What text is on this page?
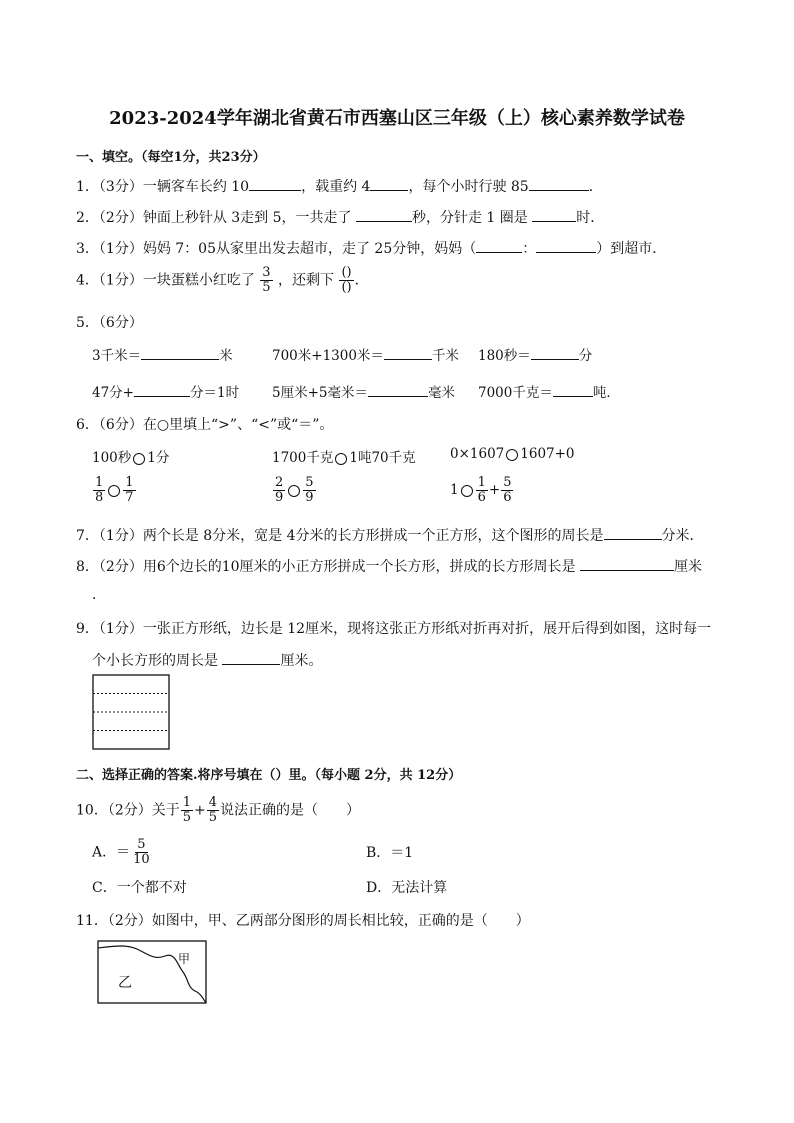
2023-2024学年湖北省黄石市西塞山区三年级（上）核心素养数学试卷
一、填空。（每空1分，共23分）
1．（3分）一辆客车长约 10	，载重约 4	，每个小时行驶 85	．
2．（2分）钟面上秒针从 3走到 5，一共走了	秒，分针走 1 圈是	时．
3．（1分）妈妈 7：05从家里出发去超市，走了 25分钟，妈妈（	：	）到超市．
4．（1分）一块蛋糕小红吃了 $\frac{3}{5}$ ，还剩下 $\frac{()}{()}$ ．
5．（6分）
3千米＝	米	700米+1300米＝	千米 180秒＝	分
47分+	分＝1时 5厘米+5毫米＝	毫米 7000千克＝	吨．
6．（6分）在○里填上“>”、“<”或“＝”。
100秒 1分	1700千克 1吨70千克	0×1607 1607+0
$\frac{1}{8} \frac{1}{7}$	$\frac{2}{9} \frac{5}{9}$	$1 \frac{1}{6} + \frac{5}{6}$
7．（1分）两个长是 8分米，宽是 4分米的长方形拼成一个正方形，这个图形的周长是	分米．
8．（2分）用6个边长的10厘米的小正方形拼成一个长方形，拼成的长方形周长是	厘米
．
9．（1分）一张正方形纸，边长是 12厘米，现将这张正方形纸对折再对折，展开后得到如图，这时每一
个小长方形的周长是	厘米。
二、选择正确的答案.将序号填在（）里。（每小题 2分，共 12分）
10．（2分）关于 $\frac{1}{5} + \frac{4}{5}$ 说法正确的是（　　）
A．＝ $\frac{5}{10}$	B．＝1
C．一个都不对	D．无法计算
11．（2分）如图中，甲、乙两部分图形的周长相比较，正确的是（　　）
甲
乙
